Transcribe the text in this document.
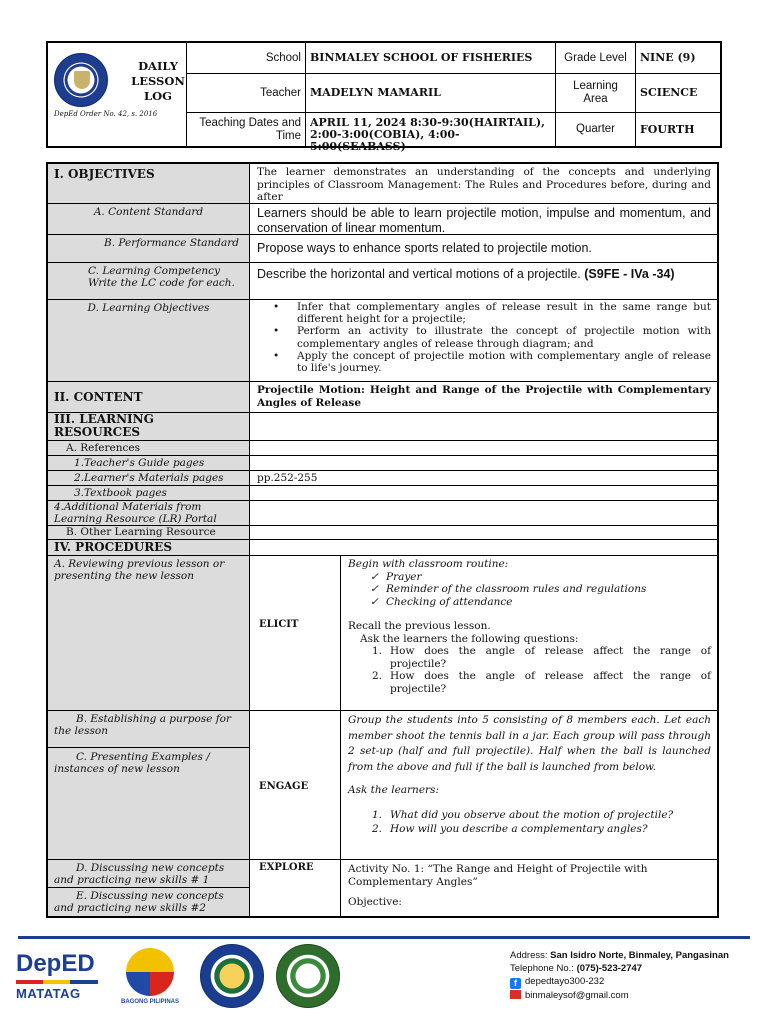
DAILY
LESSON
LOG
DepEd Order No. 42, s. 2016
School BINMALEY SCHOOL OF FISHERIES	Grade Level	NINE (9)
Teacher MADELYN MAMARIL	Learning Area	SCIENCE
Teaching Dates and Time
APRIL 11, 2024 8:30-9:30(HAIRTAIL), 2:00-3:00(COBIA), 4:00-5:00(SEABASS)
Quarter	FOURTH
I. OBJECTIVES	The learner demonstrates an understanding of the concepts and underlying principles of Classroom Management: The Rules and Procedures before, during and after
A. Content Standard	Learners should be able to learn projectile motion, impulse and momentum, and conservation of linear momentum.
B. Performance Standard	Propose ways to enhance sports related to projectile motion.
C. Learning Competency Write the LC code for each.
Describe the horizontal and vertical motions of a projectile. (S9FE - IVa -34)
D. Learning Objectives
•	Infer that complementary angles of release result in the same range but different height for a projectile;
• Perform an activity to illustrate the concept of projectile motion with complementary angles of release through diagram; and
• Apply the concept of projectile motion with complementary angle of release to life's journey.
II. CONTENT	Projectile Motion: Height and Range of the Projectile with Complementary Angles of Release
III. LEARNING RESOURCES
A. References
1.Teacher's Guide pages
2.Learner's Materials pages	pp.252-255
3.Textbook pages
4.Additional Materials from Learning Resource (LR) Portal
B. Other Learning Resource
IV. PROCEDURES
A. Reviewing previous lesson or presenting the new lesson
ELICIT
Begin with classroom routine:
✓ Prayer
✓ Reminder of the classroom rules and regulations
✓ Checking of attendance
Recall the previous lesson.
Ask the learners the following questions:
1. How does the angle of release affect the range of projectile?
2. How does the angle of release affect the range of projectile?
B. Establishing a purpose for the lesson
C. Presenting Examples / instances of new lesson
ENGAGE
Group the students into 5 consisting of 8 members each. Let each member shoot the tennis ball in a jar. Each group will pass through 2 set-up (half and full projectile). Half when the ball is launched from the above and full if the ball is launched from below.
Ask the learners:
1. What did you observe about the motion of projectile?
2. How will you describe a complementary angles?
D. Discussing new concepts and practicing new skills # 1
E. Discussing new concepts and practicing new skills #2
EXPLORE	Activity No. 1: “The Range and Height of Projectile with Complementary Angles”
Objective:
DepED
MATATAG
BAGONG PILIPINAS
Address: San Isidro Norte, Binmaley, Pangasinan
Telephone No.: (075)-523-2747
f depedtayo300-232
binmaleysof@gmail.com
